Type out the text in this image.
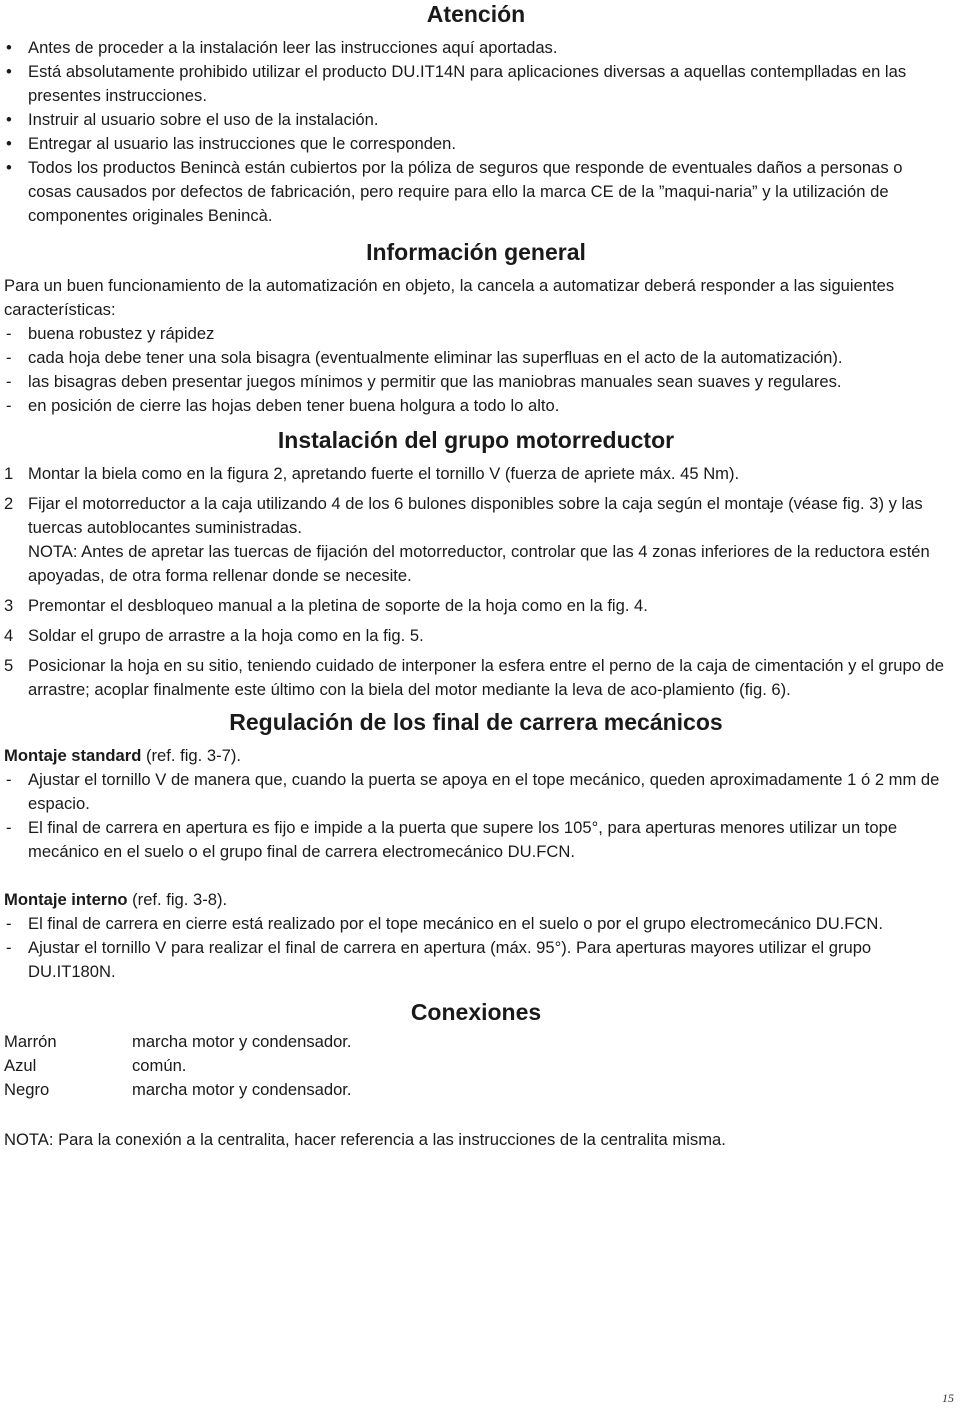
Atención
• Antes de proceder a la instalación leer las instrucciones aquí aportadas.
• Está absolutamente prohibido utilizar el producto DU.IT14N para aplicaciones diversas a aquellas contemplladas en las presentes instrucciones.
• Instruir al usuario sobre el uso de la instalación.
• Entregar al usuario las instrucciones que le corresponden.
• Todos los productos Benincà están cubiertos por la póliza de seguros que responde de eventuales daños a personas o cosas causados por defectos de fabricación, pero require para ello la marca CE de la ”maqui-naria” y la utilización de componentes originales Benincà.
Información general

Para un buen funcionamiento de la automatización en objeto, la cancela a automatizar deberá responder a las siguientes características:

- buena robustez y rápidez
- cada hoja debe tener una sola bisagra (eventualmente eliminar las superfluas en el acto de la automatización).
- las bisagras deben presentar juegos mínimos y permitir que las maniobras manuales sean suaves y regulares.
- en posición de cierre las hojas deben tener buena holgura a todo lo alto.
Instalación del grupo motorreductor
1 Montar la biela como en la figura 2, apretando fuerte el tornillo V (fuerza de apriete máx. 45 Nm).
2 Fijar el motorreductor a la caja utilizando 4 de los 6 bulones disponibles sobre la caja según el montaje (véase fig. 3) y las tuercas autoblocantes suministradas.
NOTA: Antes de apretar las tuercas de fijación del motorreductor, controlar que las 4 zonas inferiores de la reductora estén apoyadas, de otra forma rellenar donde se necesite.
3 Premontar el desbloqueo manual a la pletina de soporte de la hoja como en la fig. 4.
4 Soldar el grupo de arrastre a la hoja como en la fig. 5.
5 Posicionar la hoja en su sitio, teniendo cuidado de interponer la esfera entre el perno de la caja de cimentación y el grupo de arrastre; acoplar finalmente este último con la biela del motor mediante la leva de aco-plamiento (fig. 6).
Regulación de los final de carrera mecánicos

Montaje standard (ref. fig. 3-7).

- Ajustar el tornillo V de manera que, cuando la puerta se apoya en el tope mecánico, queden aproximadamente 1 ó 2 mm de espacio.
- El final de carrera en apertura es fijo e impide a la puerta que supere los 105°, para aperturas menores utilizar un tope mecánico en el suelo o el grupo final de carrera electromecánico DU.FCN.

Montaje interno (ref. fig. 3-8).

- El final de carrera en cierre está realizado por el tope mecánico en el suelo o por el grupo electromecánico DU.FCN.
- Ajustar el tornillo V para realizar el final de carrera en apertura (máx. 95°). Para aperturas mayores utilizar el grupo DU.IT180N.
Conexiones
Marrón	marcha motor y condensador.
Azul	común.
Negro	marcha motor y condensador.

NOTA: Para la conexión a la centralita, hacer referencia a las instrucciones de la centralita misma.

15
